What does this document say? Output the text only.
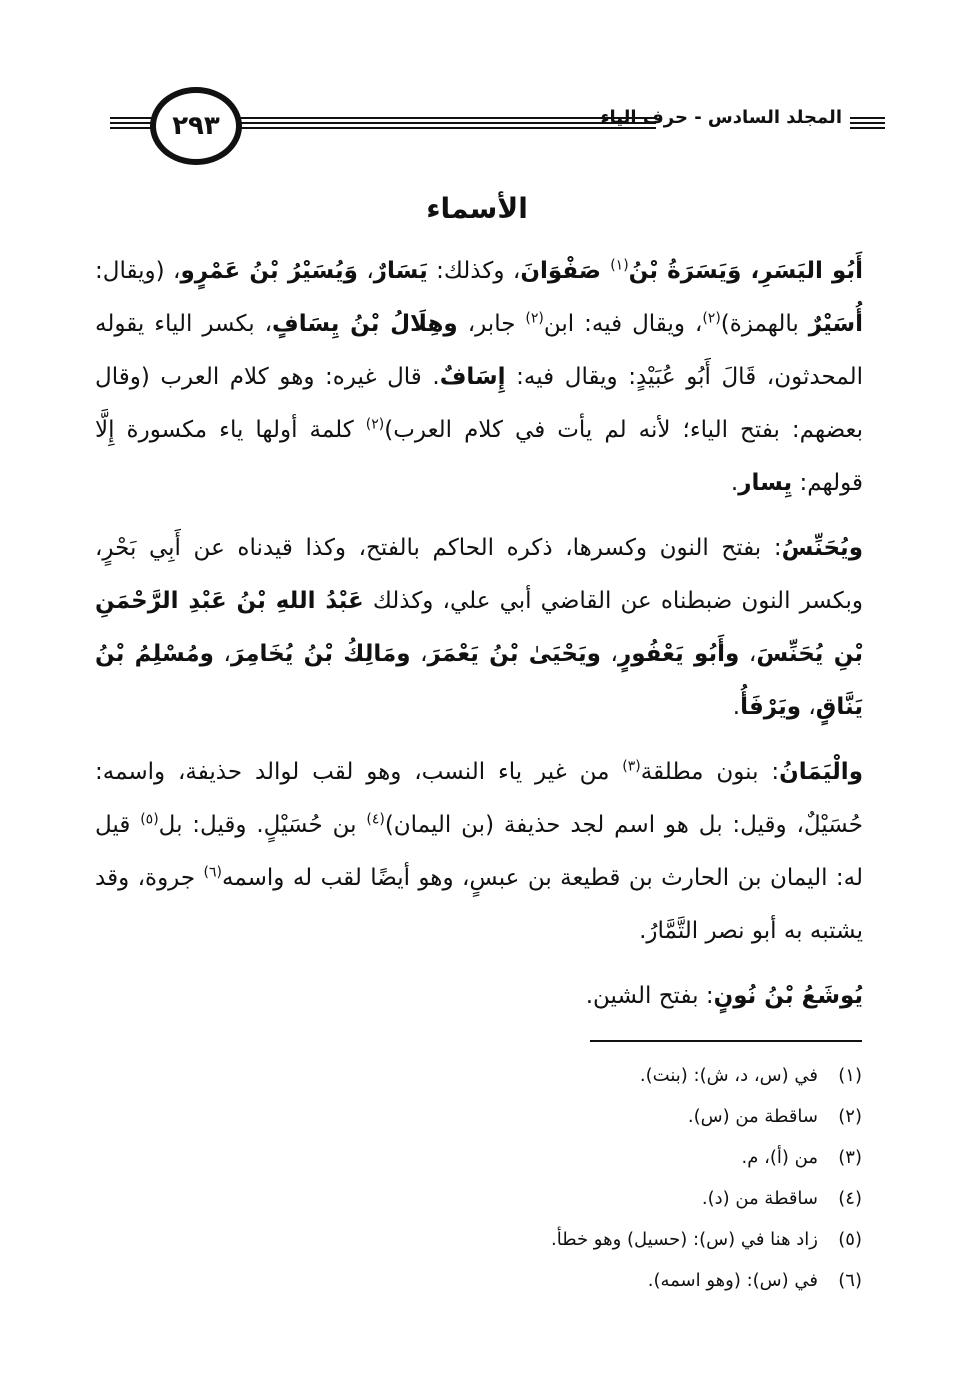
٢٩٣	المجلد السادس - حرف الياء
الأسماء

أَبُو اليَسَرِ، وَيَسَرَةُ بْنُ$^{(١)}$ صَفْوَانَ، وكذلك: يَسَارٌ، وَيُسَيْرُ بْنُ عَمْرٍو، (ويقال: أُسَيْرٌ بالهمزة)$^{(٢)}$، ويقال فيه: ابن$^{(٢)}$ جابر، وهِلَالُ بْنُ يِسَافٍ، بكسر الياء يقوله المحدثون، قَالَ أَبُو عُبَيْدٍ: ويقال فيه: إِسَافٌ. قال غيره: وهو كلام العرب (وقال بعضهم: بفتح الياء؛ لأنه لم يأت في كلام العرب)$^{(٢)}$ كلمة أولها ياء مكسورة إِلَّا قولهم: يِسار.

ويُحَنِّسُ: بفتح النون وكسرها، ذكره الحاكم بالفتح، وكذا قيدناه عن أَبِي بَحْرٍ، وبكسر النون ضبطناه عن القاضي أبي علي، وكذلك عَبْدُ اللهِ بْنُ عَبْدِ الرَّحْمَنِ بْنِ يُحَنِّسَ، وأَبُو يَعْفُورٍ، ويَحْيَىٰ بْنُ يَعْمَرَ، ومَالِكُ بْنُ يُخَامِرَ، ومُسْلِمُ بْنُ يَنَّاقٍ، ويَرْفَأُ.

والْيَمَانُ: بنون مطلقة$^{(٣)}$ من غير ياء النسب، وهو لقب لوالد حذيفة، واسمه: حُسَيْلٌ، وقيل: بل هو اسم لجد حذيفة (بن اليمان)$^{(٤)}$ بن حُسَيْلٍ. وقيل: بل$^{(٥)}$ قيل له: اليمان بن الحارث بن قطيعة بن عبسٍ، وهو أيضًا لقب له واسمه$^{(٦)}$ جروة، وقد يشتبه به أبو نصر التَّمَّارُ.

يُوشَعُ بْنُ نُونٍ: بفتح الشين.

(١)في (س، د، ش): (بنت).
(٢)ساقطة من (س).
(٣)من (أ)، م.
(٤)ساقطة من (د).
(٥)زاد هنا في (س): (حسيل) وهو خطأ.
(٦)في (س): (وهو اسمه).
